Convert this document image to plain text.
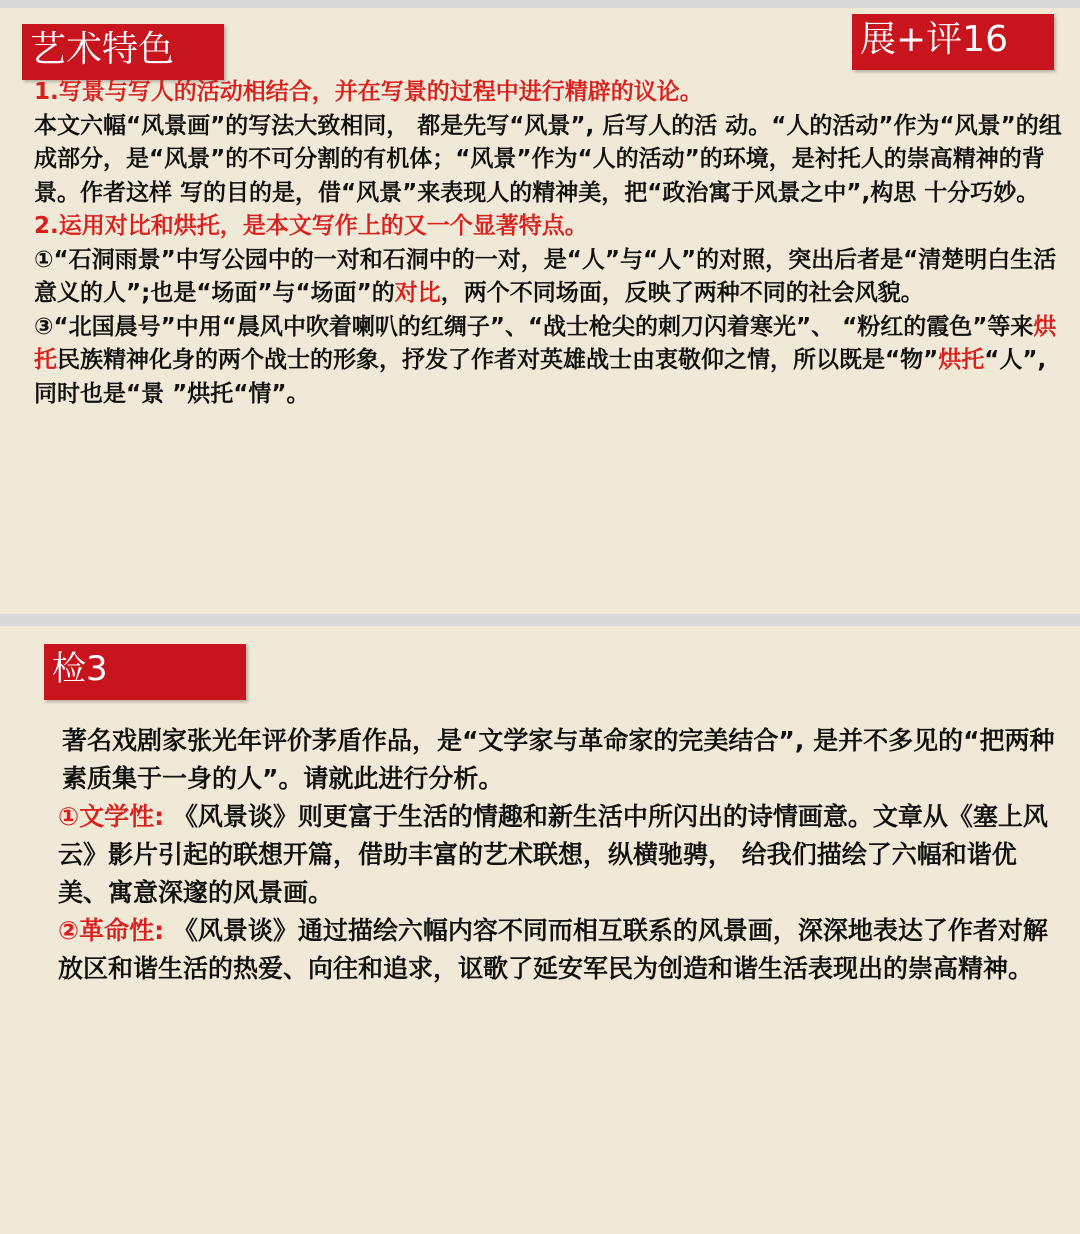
艺术特色	展+评16

1.写景与写人的活动相结合，并在写景的过程中进行精辟的议论。

本文六幅“风景画”的写法大致相同， 都是先写“风景”, 后写人的活 动。“人的活动”作为“风景”的组成部分，是“风景”的不可分割的有机体；“风景”作为“人的活动”的环境，是衬托人的崇高精神的背景。作者这样 写的目的是，借“风景”来表现人的精神美，把“政治寓于风景之中”,构思 十分巧妙。

2.运用对比和烘托，是本文写作上的又一个显著特点。

①“石洞雨景”中写公园中的一对和石洞中的一对，是“人”与“人”的对照，突出后者是“清楚明白生活意义的人”;也是“场面”与“场面”的对比，两个不同场面，反映了两种不同的社会风貌。

③“北国晨号”中用“晨风中吹着喇叭的红绸子”、“战士枪尖的刺刀闪着寒光”、 “粉红的霞色”等来烘托民族精神化身的两个战士的形象，抒发了作者对英雄战士由衷敬仰之情，所以既是“物”烘托“人”,同时也是“景 ”烘托“情”。

检3

著名戏剧家张光年评价茅盾作品，是“文学家与革命家的完美结合”, 是并不多见的“把两种素质集于一身的人”。请就此进行分析。

①文学性: 《风景谈》则更富于生活的情趣和新生活中所闪出的诗情画意。文章从《塞上风云》影片引起的联想开篇，借助丰富的艺术联想，纵横驰骋， 给我们描绘了六幅和谐优美、寓意深邃的风景画。

②革命性: 《风景谈》通过描绘六幅内容不同而相互联系的风景画，深深地表达了作者对解放区和谐生活的热爱、向往和追求，讴歌了延安军民为创造和谐生活表现出的崇高精神。
